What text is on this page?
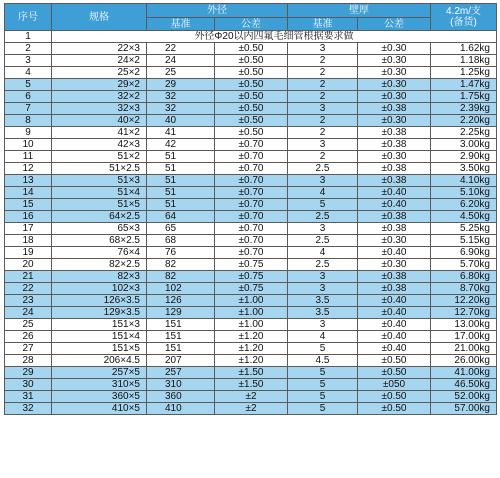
序号	规格	外径		壁厚		4.2m/支
(备货)

		基准	公差	基准	公差	
1	外径Φ20以内四氟毛细管根据要求做					
2	22×3	22	±0.50	3	±0.30	1.62kg
3	24×2	24	±0.50	2	±0.30	1.18kg
4	25×2	25	±0.50	2	±0.30	1.25kg
5	29×2	29	±0.50	2	±0.30	1.47kg
6	32×2	32	±0.50	2	±0.30	1.75kg
7	32×3	32	±0.50	3	±0.38	2.39kg
8	40×2	40	±0.50	2	±0.30	2.20kg
9	41×2	41	±0.50	2	±0.38	2.25kg
10	42×3	42	±0.70	3	±0.38	3.00kg
11	51×2	51	±0.70	2	±0.30	2.90kg
12	51×2.5	51	±0.70	2.5	±0.38	3.50kg
13	51×3	51	±0.70	3	±0.38	4.10kg
14	51×4	51	±0.70	4	±0.40	5.10kg
15	51×5	51	±0.70	5	±0.40	6.20kg
16	64×2.5	64	±0.70	2.5	±0.38	4.50kg
17	65×3	65	±0.70	3	±0.38	5.25kg
18	68×2.5	68	±0.70	2.5	±0.30	5.15kg
19	76×4	76	±0.70	4	±0.40	6.90kg
20	82×2.5	82	±0.75	2.5	±0.30	5.70kg
21	82×3	82	±0.75	3	±0.38	6.80kg
22	102×3	102	±0.75	3	±0.38	8.70kg
23	126×3.5	126	±1.00	3.5	±0.40	12.20kg
24	129×3.5	129	±1.00	3.5	±0.40	12.70kg
25	151×3	151	±1.00	3	±0.40	13.00kg
26	151×4	151	±1.20	4	±0.40	17.00kg
27	151×5	151	±1.20	5	±0.40	21.00kg
28	206×4.5	207	±1.20	4.5	±0.50	26.00kg
29	257×5	257	±1.50	5	±0.50	41.00kg
30	310×5	310	±1.50	5	±050	46.50kg
31	360×5	360	±2	5	±0.50	52.00kg
32	410×5	410	±2	5	±0.50	57.00kg
